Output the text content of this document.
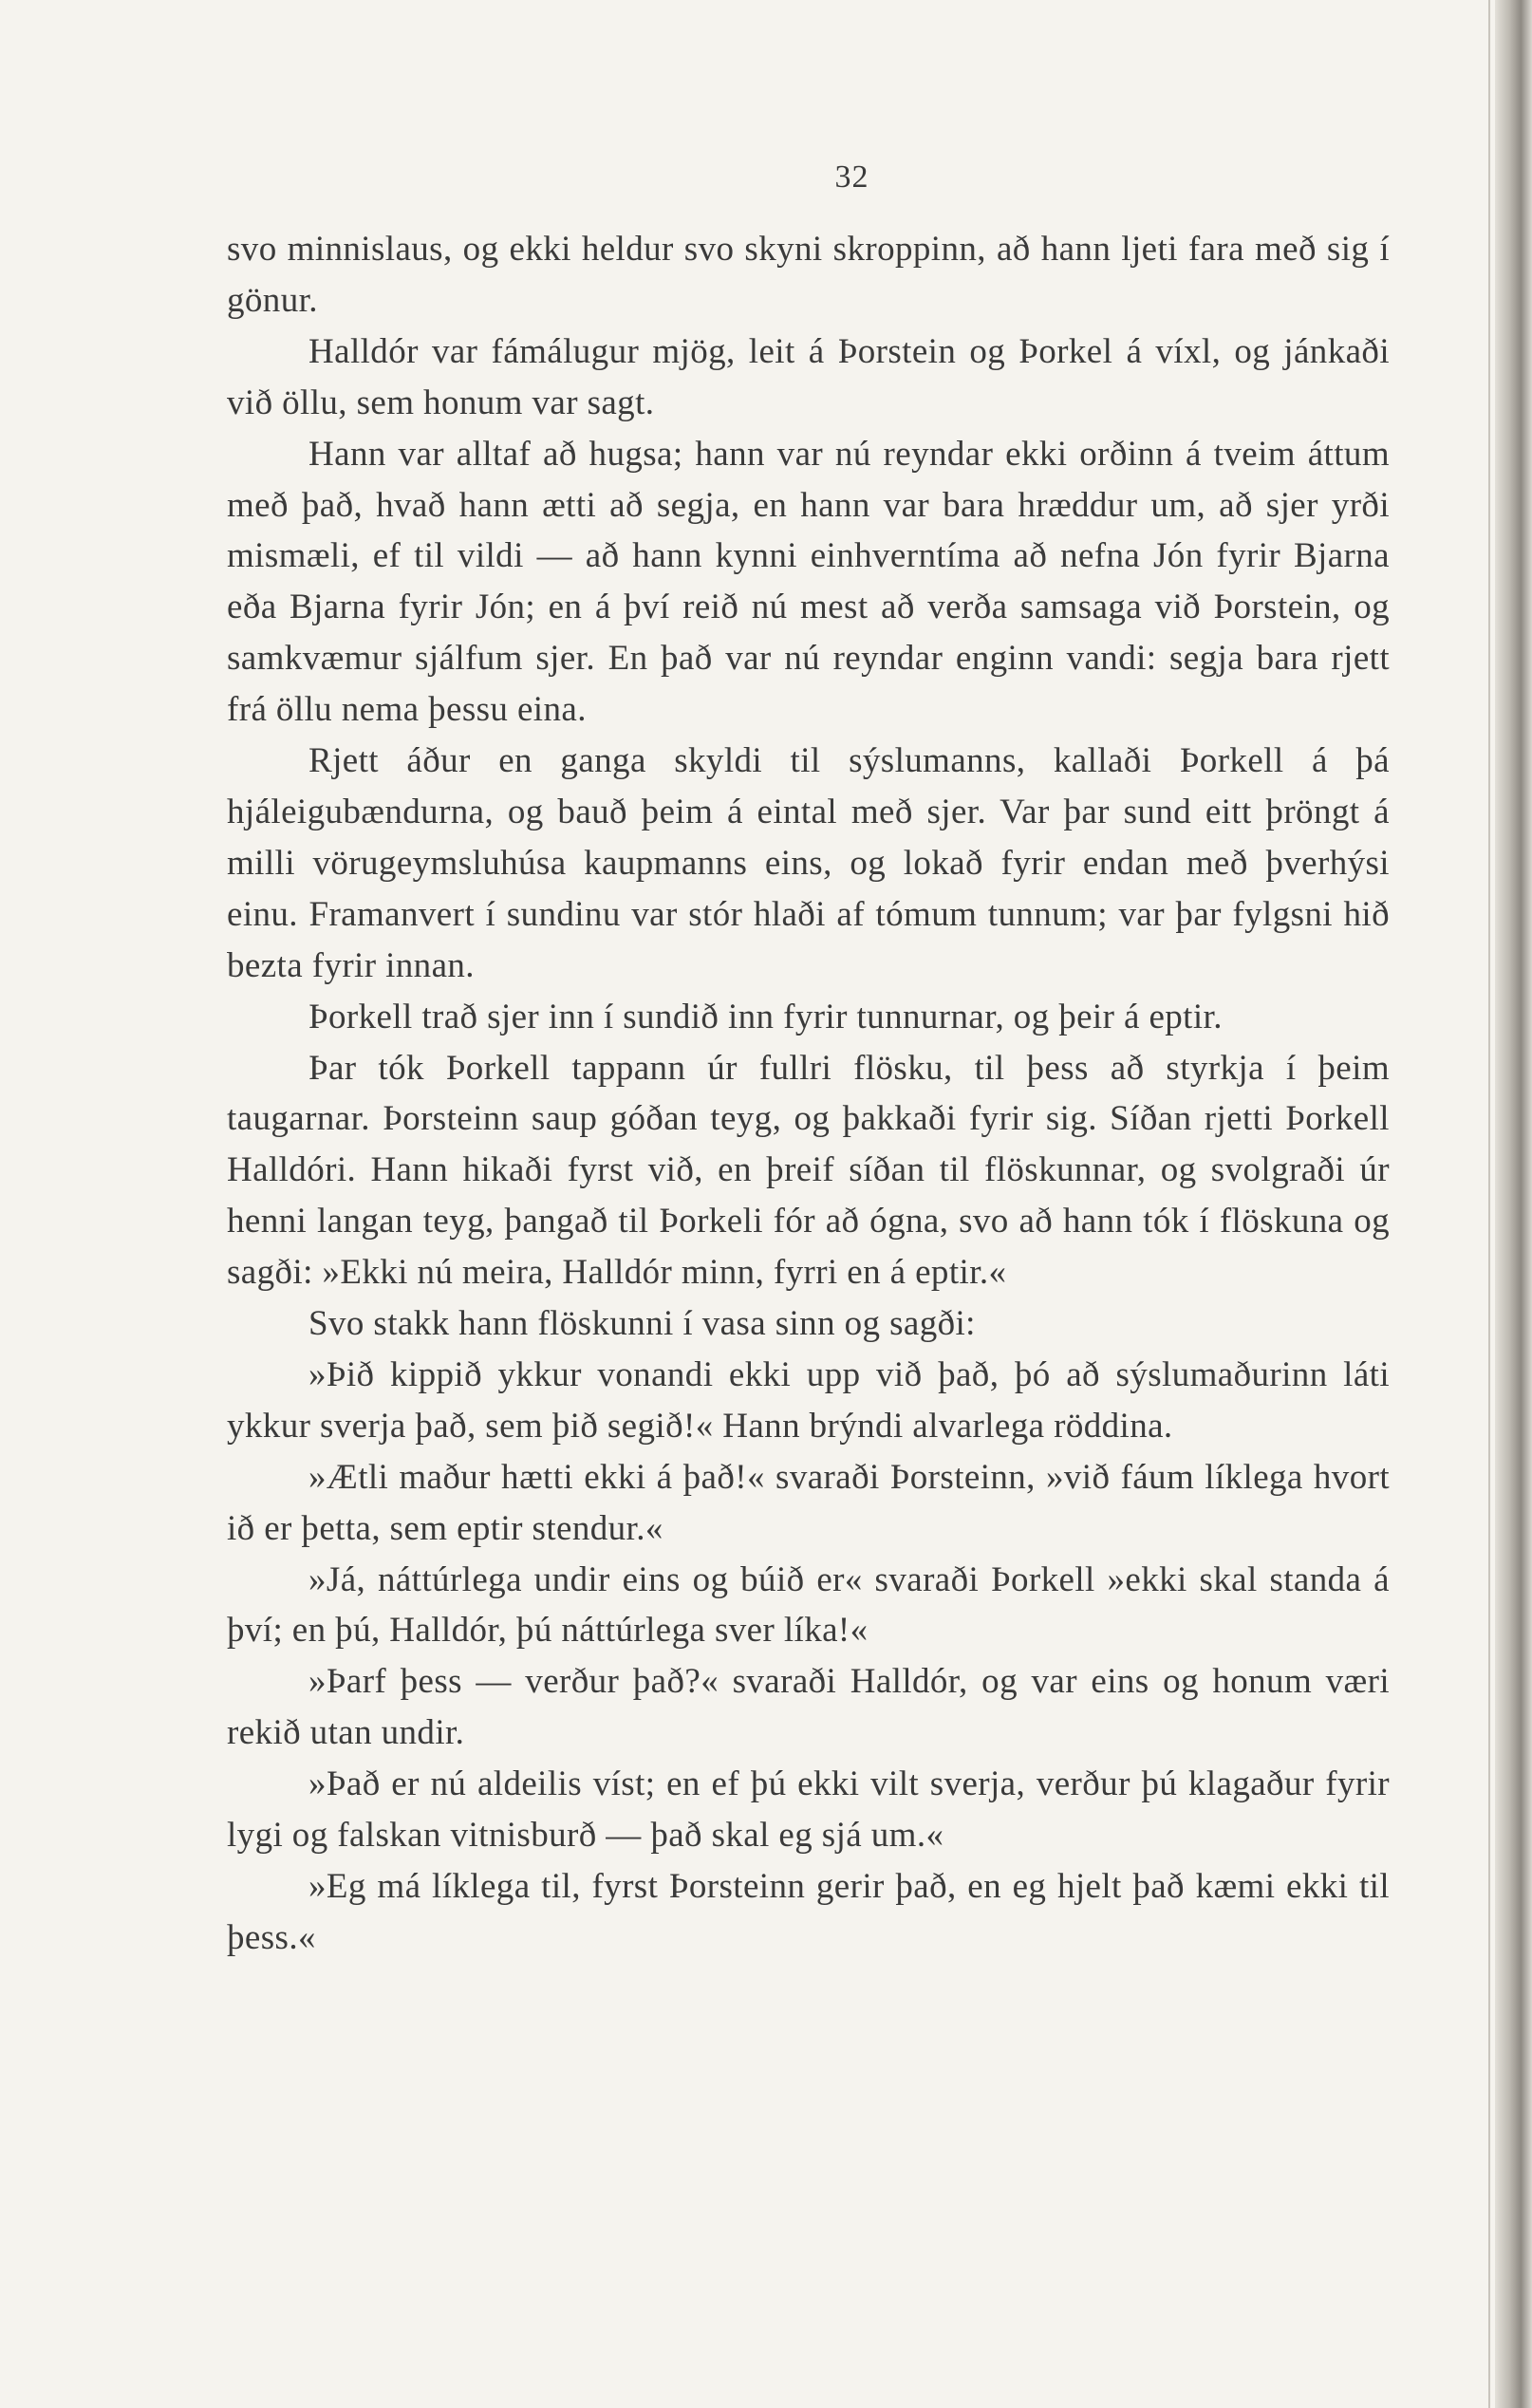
32

svo minnislaus, og ekki heldur svo skyni skroppinn, að hann ljeti fara með sig í gönur.

Halldór var fámálugur mjög, leit á Þorstein og Þorkel á víxl, og jánkaði við öllu, sem honum var sagt.

Hann var alltaf að hugsa; hann var nú reyndar ekki orðinn á tveim áttum með það, hvað hann ætti að segja, en hann var bara hræddur um, að sjer yrði mismæli, ef til vildi — að hann kynni einhverntíma að nefna Jón fyrir Bjarna eða Bjarna fyrir Jón; en á því reið nú mest að verða samsaga við Þorstein, og samkvæmur sjálfum sjer. En það var nú reyndar enginn vandi: segja bara rjett frá öllu nema þessu eina.

Rjett áður en ganga skyldi til sýslumanns, kallaði Þorkell á þá hjáleigubændurna, og bauð þeim á eintal með sjer. Var þar sund eitt þröngt á milli vörugeymsluhúsa kaupmanns eins, og lokað fyrir endan með þverhýsi einu. Framanvert í sundinu var stór hlaði af tómum tunnum; var þar fylgsni hið bezta fyrir innan.

Þorkell trað sjer inn í sundið inn fyrir tunnurnar, og þeir á eptir.

Þar tók Þorkell tappann úr fullri flösku, til þess að styrkja í þeim taugarnar. Þorsteinn saup góðan teyg, og þakkaði fyrir sig. Síðan rjetti Þorkell Halldóri. Hann hikaði fyrst við, en þreif síðan til flöskunnar, og svolgraði úr henni langan teyg, þangað til Þorkeli fór að ógna, svo að hann tók í flöskuna og sagði: »Ekki nú meira, Halldór minn, fyrri en á eptir.«

Svo stakk hann flöskunni í vasa sinn og sagði:

»Þið kippið ykkur vonandi ekki upp við það, þó að sýslumaðurinn láti ykkur sverja það, sem þið segið!« Hann brýndi alvarlega röddina.

»Ætli maður hætti ekki á það!« svaraði Þorsteinn, »við fáum líklega hvort ið er þetta, sem eptir stendur.«

»Já, náttúrlega undir eins og búið er« svaraði Þorkell »ekki skal standa á því; en þú, Halldór, þú náttúrlega sver líka!«

»Þarf þess — verður það?« svaraði Halldór, og var eins og honum væri rekið utan undir.

»Það er nú aldeilis víst; en ef þú ekki vilt sverja, verður þú klagaður fyrir lygi og falskan vitnisburð — það skal eg sjá um.«

»Eg má líklega til, fyrst Þorsteinn gerir það, en eg hjelt það kæmi ekki til þess.«
